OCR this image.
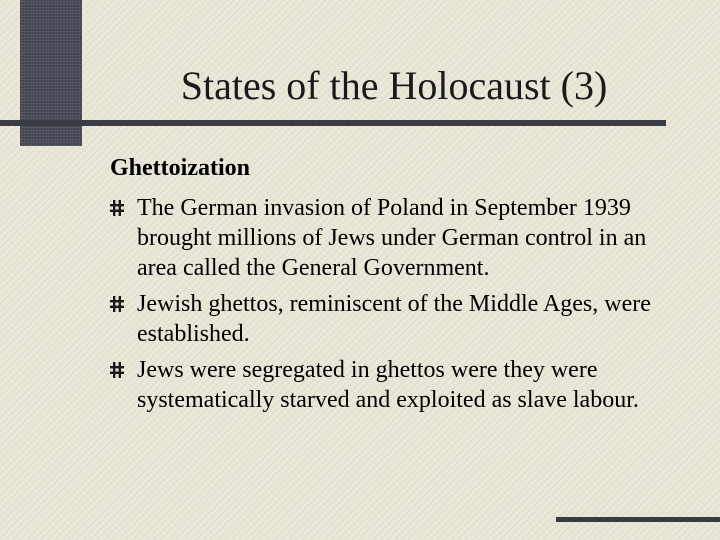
States of the Holocaust (3)
Ghettoization
The German invasion of Poland in September 1939 brought millions of Jews under German control in an area called the General Government.
Jewish ghettos, reminiscent of the Middle Ages, were established.
Jews were segregated in ghettos were they were systematically starved and exploited as slave labour.
